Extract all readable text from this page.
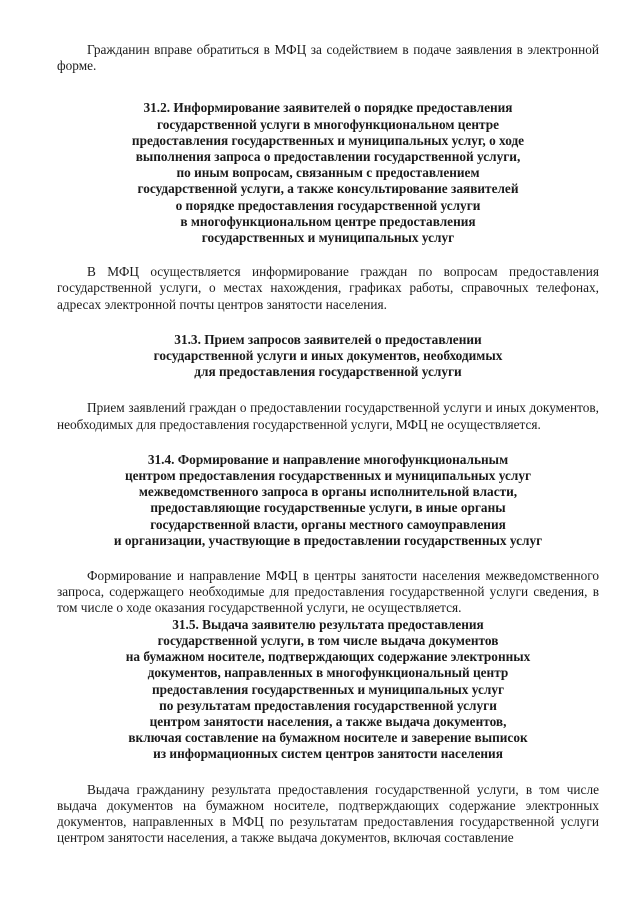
Гражданин вправе обратиться в МФЦ за содействием в подаче заявления в электронной форме.

31.2. Информирование заявителей о порядке предоставления
государственной услуги в многофункциональном центре
предоставления государственных и муниципальных услуг, о ходе
выполнения запроса о предоставлении государственной услуги,
по иным вопросам, связанным с предоставлением
государственной услуги, а также консультирование заявителей
о порядке предоставления государственной услуги
в многофункциональном центре предоставления
государственных и муниципальных услуг

В МФЦ осуществляется информирование граждан по вопросам предоставления государственной услуги, о местах нахождения, графиках работы, справочных телефонах, адресах электронной почты центров занятости населения.

31.3. Прием запросов заявителей о предоставлении
государственной услуги и иных документов, необходимых
для предоставления государственной услуги

Прием заявлений граждан о предоставлении государственной услуги и иных документов, необходимых для предоставления государственной услуги, МФЦ не осуществляется.

31.4. Формирование и направление многофункциональным
центром предоставления государственных и муниципальных услуг
межведомственного запроса в органы исполнительной власти,
предоставляющие государственные услуги, в иные органы
государственной власти, органы местного самоуправления
и организации, участвующие в предоставлении государственных услуг

Формирование и направление МФЦ в центры занятости населения межведомственного запроса, содержащего необходимые для предоставления государственной услуги сведения, в том числе о ходе оказания государственной услуги, не осуществляется.

31.5. Выдача заявителю результата предоставления
государственной услуги, в том числе выдача документов
на бумажном носителе, подтверждающих содержание электронных
документов, направленных в многофункциональный центр
предоставления государственных и муниципальных услуг
по результатам предоставления государственной услуги
центром занятости населения, а также выдача документов,
включая составление на бумажном носителе и заверение выписок
из информационных систем центров занятости населения

Выдача гражданину результата предоставления государственной услуги, в том числе выдача документов на бумажном носителе, подтверждающих содержание электронных документов, направленных в МФЦ по результатам предоставления государственной услуги центром занятости населения, а также выдача документов, включая составление
